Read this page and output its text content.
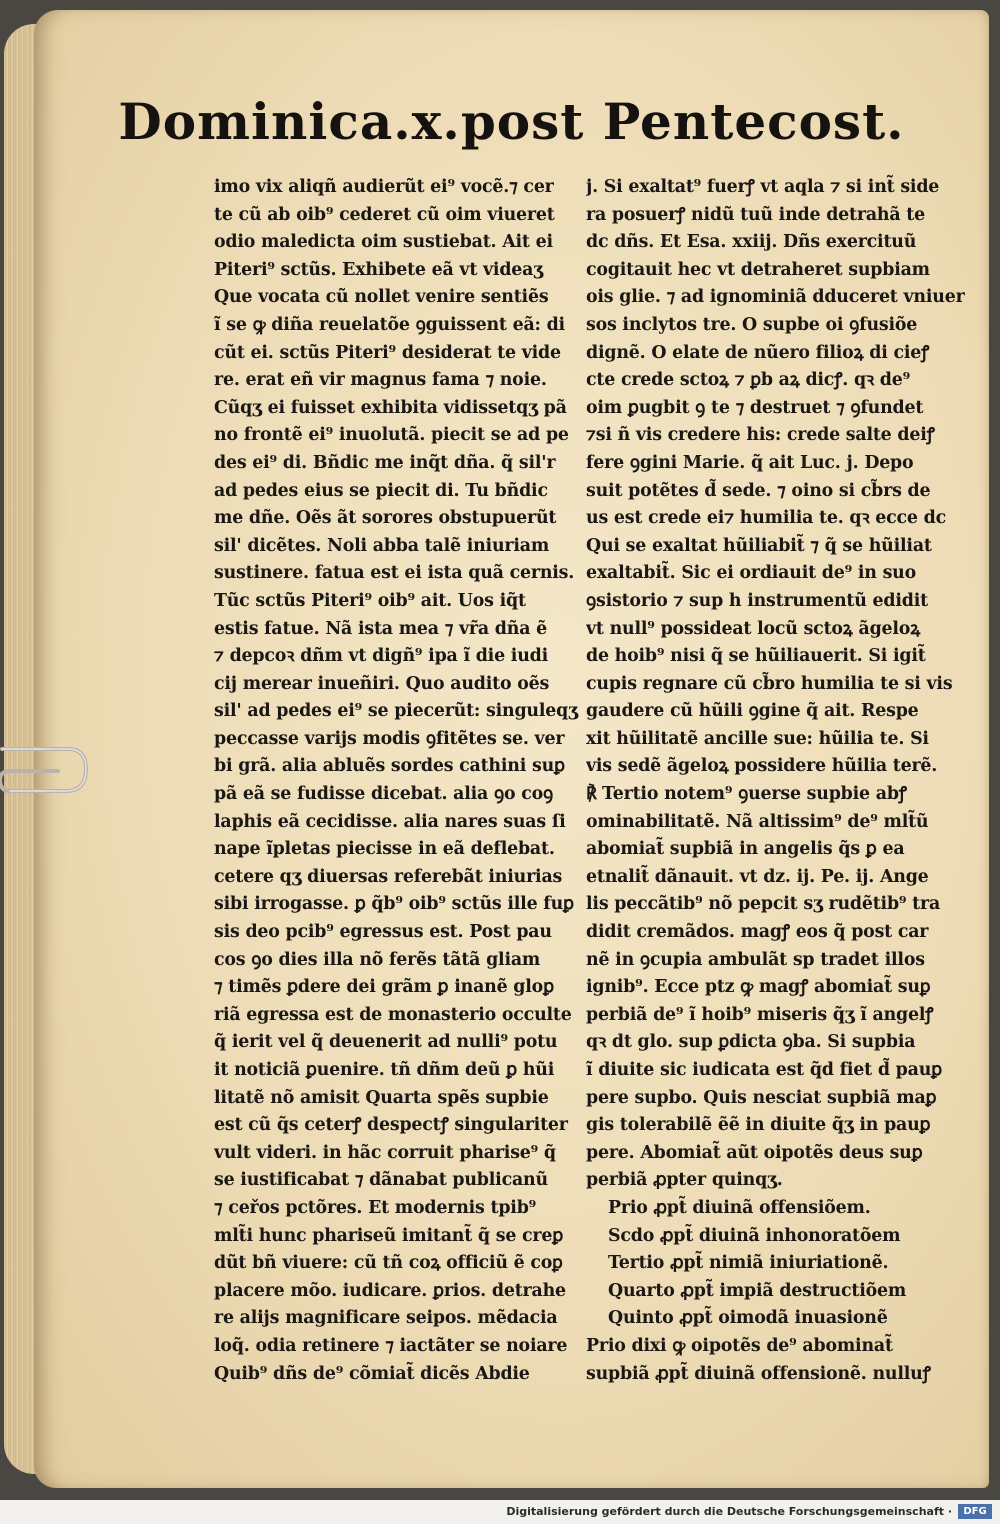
Dominica.x.post Pentecost.
imo vix aliqñ audierũt ei⁹ vocẽ.⁊ cer
te cũ ab oib⁹ cederet cũ oim viueret
odio maledicta oim sustiebat. Ait ei
Piteri⁹ sctũs. Exhibete eã vt videaʒ
Que vocata cũ nollet venire sentiẽs
ĩ se ꝙ diña reuelatõe ꝯguissent eã: di
cũt ei. sctũs Piteri⁹ desiderat te vide
re. erat eñ vir magnus fama ⁊ noie.
Cũqʒ ei fuisset exhibita vidissetqʒ pã
no frontẽ ei⁹ inuolutã. piecit se ad pe
des ei⁹ di. Bñdic me inq̃t dña. q̃ sil'r
ad pedes eius se piecit di. Tu bñdic
me dñe. Oẽs ãt sorores obstupuerũt
sil' dicẽtes. Noli abba talẽ iniuriam
sustinere. fatua est ei ista quã cernis.
Tũc sctũs Piteri⁹ oib⁹ ait. Uos iq̃t
estis fatue. Nã ista mea ⁊ vr̃a dña ẽ
⁊ depcoꝛ dñm vt digñ⁹ ipa ĩ die iudi
cij merear inueñiri. Quo audito oẽs
sil' ad pedes ei⁹ se piecerũt: singuleqʒ
peccasse varijs modis ꝯfitẽtes se. ver
bi grã. alia abluẽs sordes cathini suꝑ
pã eã se fudisse dicebat. alia ꝯo coꝯ
laphis eã cecidisse. alia nares suas ſi
nape ĩpletas piecisse in eã deflebat.
cetere qʒ diuersas referebãt iniurias
sibi irrogasse. ꝑ q̃b⁹ oib⁹ sctũs ille fuꝑ
sis deo pcib⁹ egressus est. Post pau
cos ꝯo dies illa nõ ferẽs tãtã gliam
⁊ timẽs ꝑdere dei grãm ꝑ inanẽ gloꝑ
riã egressa est de monasterio occulte
q̃ ierit vel q̃ deuenerit ad nulli⁹ potu
it noticiã ꝑuenire. tñ dñm deũ ꝑ hũi
litatẽ nõ amisit Quarta spẽs supbie
est cũ q̃s ceterꝭ despectꝭ singulariter
vult videri. in hãc corruit pharise⁹ q̃
se iustificabat ⁊ dãnabat publicanũ
⁊ ceřos pctõres. Et modernis tpib⁹
mlt̃i hunc phariseũ imitant̃ q̃ se creꝑ
dũt bñ viuere: cũ tñ coꝝ officiũ ẽ coꝑ
placere mõo. iudicare. ꝑrios. detrahe
re alijs magnificare seipos. mẽdacia
loq̃. odia retinere ⁊ iactãter se noiare
Quib⁹ dñs de⁹ cõmiat̃ dicẽs Abdie
j. Si exaltat⁹ fuerꝭ vt aqla ⁊ si int̃ side
ra posuerꝭ nidũ tuũ inde detrahã te
dc dñs. Et Esa. xxiij. Dñs exercituũ
cogitauit hec vt detraheret supbiam
ois glie. ⁊ ad ignominiã dduceret vniuer
sos inclytos tre. O supbe oi ꝯfusiõe
dignẽ. O elate de nũero filioꝝ di cieꝭ
cte crede sctoꝝ ⁊ ꝑb aꝝ dicꝭ. qꝛ de⁹
oim ꝑugbit ꝯ te ⁊ destruet ⁊ ꝯfundet
⁊si ñ vis credere his: crede salte deiꝭ
fere ꝯgini Marie. q̃ ait Luc. j. Depo
suit potẽtes d̃ sede. ⁊ oino si cb̃rs de
us est crede ei⁊ humilia te. qꝛ ecce dc
Qui se exaltat hũiliabit̃ ⁊ q̃ se hũiliat
exaltabit̃. Sic ei ordiauit de⁹ in suo
ꝯsistorio ⁊ sup h instrumentũ edidit
vt null⁹ possideat locũ sctoꝝ ãgeloꝝ
de hoib⁹ nisi q̃ se hũiliauerit. Si igit̃
cupis regnare cũ cb̃ro humilia te si vis
gaudere cũ hũili ꝯgine q̃ ait. Respe
xit hũilitatẽ ancille sue: hũilia te. Si
vis sedẽ ãgeloꝝ possidere hũilia terẽ.
℟ Tertio notem⁹ ꝯuerse supbie abꝭ
ominabilitatẽ. Nã altissim⁹ de⁹ mlt̃ũ
abomiat̃ supbiã in angelis q̃s ꝑ ea
etnalit̃ dãnauit. vt dz. ij. Pe. ij. Ange
lis peccãtib⁹ nõ pepcit sʒ rudẽtib⁹ tra
didit cremãdos. magꝭ eos q̃ post car
nẽ in ꝯcupia ambulãt sp tradet illos
ignib⁹. Ecce ptz ꝙ magꝭ abomiat̃ suꝑ
perbiã de⁹ ĩ hoib⁹ miseris q̃ʒ ĩ angelꝭ
qꝛ dt glo. sup ꝑdicta ꝯba. Si supbia
ĩ diuite sic iudicata est q̃d fiet d̃ pauꝑ
pere supbo. Quis nesciat supbiã maꝑ
gis tolerabilẽ ẽẽ in diuite q̃ʒ in pauꝑ
pere. Abomiat̃ aũt oipotẽs deus suꝑ
perbiã ꝓpter quinqʒ.
Prio ꝓpt̃ diuinã offensiõem.
Scdo ꝓpt̃ diuinã inhonoratõem
Tertio ꝓpt̃ nimiã iniuriationẽ.
Quarto ꝓpt̃ impiã destructiõem
Quinto ꝓpt̃ oimodã inuasionẽ
Prio dixi ꝙ oipotẽs de⁹ abominat̃
supbiã ꝓpt̃ diuinã offensionẽ. nulluꝭ
Digitalisierung gefördert durch die Deutsche Forschungsgemeinschaft ·	DFG
